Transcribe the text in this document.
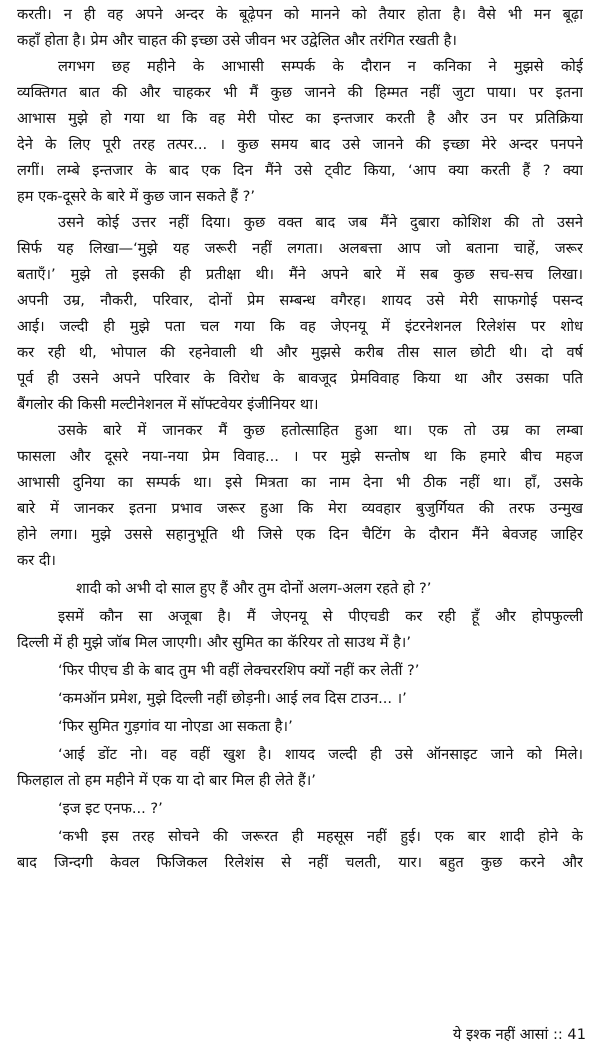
करती। न ही वह अपने अन्दर के बूढ़ेपन को मानने को तैयार होता है। वैसे भी मन बूढ़ा
कहाँ होता है। प्रेम और चाहत की इच्छा उसे जीवन भर उद्वेलित और तरंगित रखती है।
लगभग छह महीने के आभासी सम्पर्क के दौरान न कनिका ने मुझसे कोई
व्यक्तिगत बात की और चाहकर भी मैं कुछ जानने की हिम्मत नहीं जुटा पाया। पर इतना
आभास मुझे हो गया था कि वह मेरी पोस्ट का इन्तजार करती है और उन पर प्रतिक्रिया
देने के लिए पूरी तरह तत्पर... । कुछ समय बाद उसे जानने की इच्छा मेरे अन्दर पनपने
लगीं। लम्बे इन्तजार के बाद एक दिन मैंने उसे ट्वीट किया, ‘आप क्या करती हैं ? क्या
हम एक-दूसरे के बारे में कुछ जान सकते हैं ?’
उसने कोई उत्तर नहीं दिया। कुछ वक्त बाद जब मैंने दुबारा कोशिश की तो उसने
सिर्फ यह लिखा—‘मुझे यह जरूरी नहीं लगता। अलबत्ता आप जो बताना चाहें, जरूर
बताएँ।’ मुझे तो इसकी ही प्रतीक्षा थी। मैंने अपने बारे में सब कुछ सच-सच लिखा।
अपनी उम्र, नौकरी, परिवार, दोनों प्रेम सम्बन्ध वगैरह। शायद उसे मेरी साफगोई पसन्द
आई। जल्दी ही मुझे पता चल गया कि वह जेएनयू में इंटरनेशनल रिलेशंस पर शोध
कर रही थी, भोपाल की रहनेवाली थी और मुझसे करीब तीस साल छोटी थी। दो वर्ष
पूर्व ही उसने अपने परिवार के विरोध के बावजूद प्रेमविवाह किया था और उसका पति
बैंगलोर की किसी मल्टीनेशनल में सॉफ्टवेयर इंजीनियर था।
उसके बारे में जानकर मैं कुछ हतोत्साहित हुआ था। एक तो उम्र का लम्बा
फासला और दूसरे नया-नया प्रेम विवाह... । पर मुझे सन्तोष था कि हमारे बीच महज
आभासी दुनिया का सम्पर्क था। इसे मित्रता का नाम देना भी ठीक नहीं था। हाँ, उसके
बारे में जानकर इतना प्रभाव जरूर हुआ कि मेरा व्यवहार बुजुर्गियत की तरफ उन्मुख
होने लगा। मुझे उससे सहानुभूति थी जिसे एक दिन चैटिंग के दौरान मैंने बेवजह जाहिर
कर दी।
शादी को अभी दो साल हुए हैं और तुम दोनों अलग-अलग रहते हो ?’
इसमें कौन सा अजूबा है। मैं जेएनयू से पीएचडी कर रही हूँ और होपफुल्ली
दिल्ली में ही मुझे जॉब मिल जाएगी। और सुमित का कॅरियर तो साउथ में है।’
‘फिर पीएच डी के बाद तुम भी वहीं लेक्चररशिप क्यों नहीं कर लेतीं ?’
‘कमऑन प्रमेश, मुझे दिल्ली नहीं छोड़नी। आई लव दिस टाउन... ।’
‘फिर सुमित गुड़गांव या नोएडा आ सकता है।’
‘आई डोंट नो। वह वहीं खुश है। शायद जल्दी ही उसे ऑनसाइट जाने को मिले।
फिलहाल तो हम महीने में एक या दो बार मिल ही लेते हैं।’
‘इज इट एनफ... ?’
‘कभी इस तरह सोचने की जरूरत ही महसूस नहीं हुई। एक बार शादी होने के
बाद जिन्दगी केवल फिजिकल रिलेशंस से नहीं चलती, यार। बहुत कुछ करने और
ये इश्क नहीं आसां :: 41
